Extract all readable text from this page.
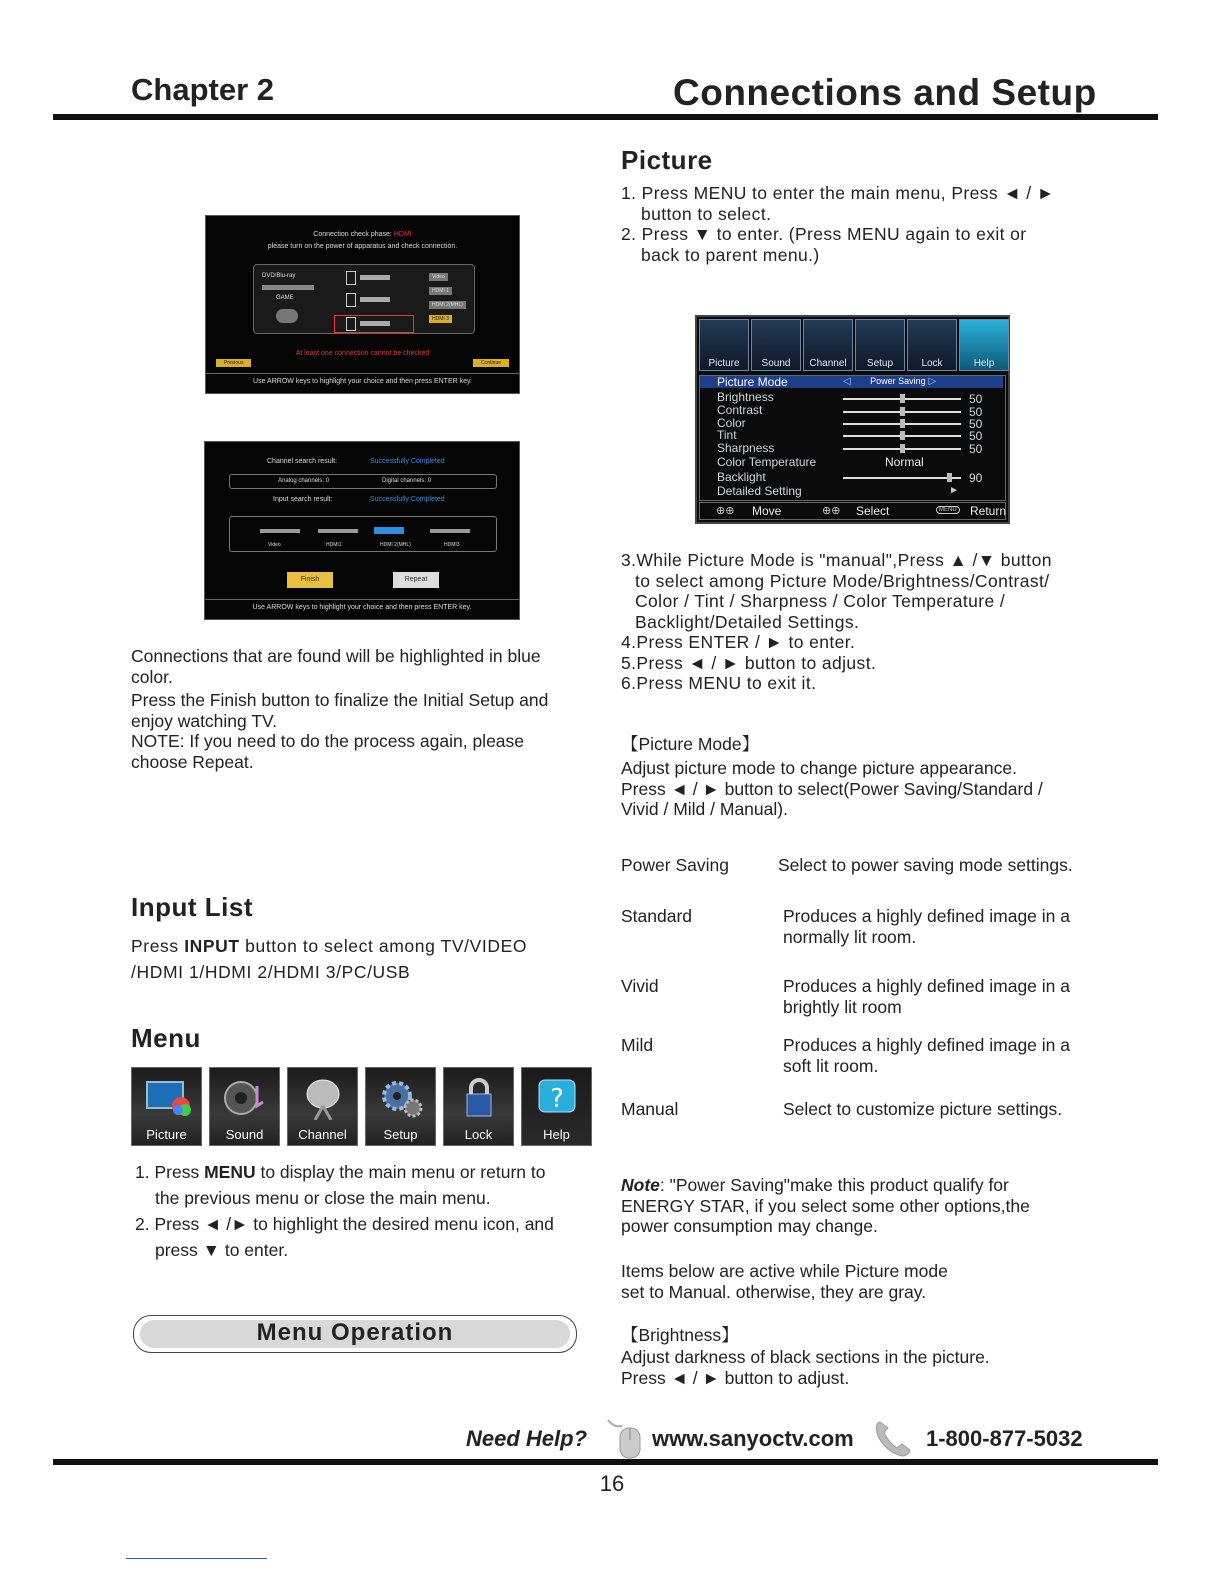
Chapter 2	Connections and Setup
Connection check phase: HDMI
please turn on the power of apparatus and check connection.
DVD/Blu-ray
GAME
Video
HDMI 1
HDMI 2(MHL)
HDMI 3
At least one connection cannot be checked
Previous	Continue
Use ARROW keys to highlight your choice and then press ENTER key.
Channel search result:	Successfully Completed
Analog channels: 0	Digital channels: 0
Input search result:	Successfully Completed
Video	HDMI1	HDMI 2(MHL)	HDMI3
Finish	Repeat
Use ARROW keys to highlight your choice and then press ENTER key.
Connections that are found will be highlighted in blue
color.
Press the Finish button to finalize the Initial Setup and
enjoy watching TV.
NOTE: If you need to do the process again, please
choose Repeat.
Input List
Press INPUT button to select among TV/VIDEO
/HDMI 1/HDMI 2/HDMI 3/PC/USB
Menu
Picture	Sound	Channel	Setup	Lock
?
Help
1. Press MENU to display the main menu or return to
the previous menu or close the main menu.
2. Press ◄ /► to highlight the desired menu icon, and
press ▼ to enter.
Menu Operation
Picture
1. Press MENU to enter the main menu, Press ◄ / ►
button to select.
2. Press ▼ to enter. (Press MENU again to exit or
back to parent menu.)
Picture	Sound	Channel	Setup	Lock	Help
Picture Mode	◁       Power Saving ▷
Brightness	50
Contrast	50
Color	50
Tint	50
Sharpness	50
Color Temperature	Normal
Backlight	90
Detailed Setting	►
⊕⊕ Move	⊕⊕ Select	MENU Return
3.While Picture Mode is "manual",Press ▲ /▼ button
to select among Picture Mode/Brightness/Contrast/
Color / Tint / Sharpness / Color Temperature /
Backlight/Detailed Settings.
4.Press ENTER / ► to enter.
5.Press ◄ / ► button to adjust.
6.Press MENU to exit it.
【Picture Mode】
Adjust picture mode to change picture appearance.
Press ◄ / ► button to select(Power Saving/Standard /
Vivid / Mild / Manual).
Power Saving	Select to power saving mode settings.
Standard	Produces a highly defined image in a
normally lit room.
Vivid	Produces a highly defined image in a
brightly lit room
Mild	Produces a highly defined image in a
soft lit room.
Manual	Select to customize picture settings.
Note: "Power Saving"make this product qualify for
ENERGY STAR, if you select some other options,the
power consumption may change.
Items below are active while Picture mode
set to Manual. otherwise, they are gray.
【Brightness】
Adjust darkness of black sections in the picture.
Press ◄ / ► button to adjust.
Need Help?	www.sanyoctv.com	1-800-877-5032
16
